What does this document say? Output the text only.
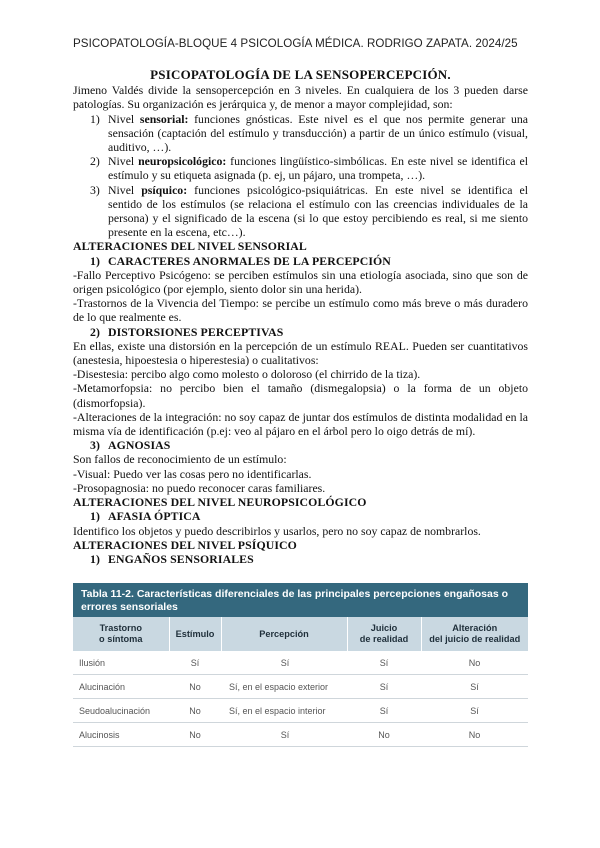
PSICOPATOLOGÍA-BLOQUE 4 PSICOLOGÍA MÉDICA. RODRIGO ZAPATA. 2024/25
PSICOPATOLOGÍA DE LA SENSOPERCEPCIÓN.

Jimeno Valdés divide la sensopercepción en 3 niveles. En cualquiera de los 3 pueden darse patologías. Su organización es jerárquica y, de menor a mayor complejidad, son:

1) Nivel sensorial: funciones gnósticas. Este nivel es el que nos permite generar una sensación (captación del estímulo y transducción) a partir de un único estímulo (visual, auditivo, …).
2) Nivel neuropsicológico: funciones lingüístico-simbólicas. En este nivel se identifica el estímulo y su etiqueta asignada (p. ej, un pájaro, una trompeta, …).
3) Nivel psíquico: funciones psicológico-psiquiátricas. En este nivel se identifica el sentido de los estímulos (se relaciona el estímulo con las creencias individuales de la persona) y el significado de la escena (si lo que estoy percibiendo es real, si me siento presente en la escena, etc…).
ALTERACIONES DEL NIVEL SENSORIAL
1) CARACTERES ANORMALES DE LA PERCEPCIÓN

-Fallo Perceptivo Psicógeno: se perciben estímulos sin una etiología asociada, sino que son de origen psicológico (por ejemplo, siento dolor sin una herida).

-Trastornos de la Vivencia del Tiempo: se percibe un estímulo como más breve o más duradero de lo que realmente es.

2) DISTORSIONES PERCEPTIVAS

En ellas, existe una distorsión en la percepción de un estímulo REAL. Pueden ser cuantitativos (anestesia, hipoestesia o hiperestesia) o cualitativos:

-Disestesia: percibo algo como molesto o doloroso (el chirrido de la tiza).

-Metamorfopsia: no percibo bien el tamaño (dismegalopsia) o la forma de un objeto (dismorfopsia).

-Alteraciones de la integración: no soy capaz de juntar dos estímulos de distinta modalidad en la misma vía de identificación (p.ej: veo al pájaro en el árbol pero lo oigo detrás de mí).

3) AGNOSIAS

Son fallos de reconocimiento de un estímulo:

-Visual: Puedo ver las cosas pero no identificarlas.

-Prosopagnosia: no puedo reconocer caras familiares.

ALTERACIONES DEL NIVEL NEUROPSICOLÓGICO
1) AFASIA ÓPTICA

Identifico los objetos y puedo describirlos y usarlos, pero no soy capaz de nombrarlos.

ALTERACIONES DEL NIVEL PSÍQUICO
1) ENGAÑOS SENSORIALES
Tabla 11-2. Características diferenciales de las principales percepciones engañosas o errores sensoriales
Trastorno
o síntoma	Estímulo	Percepción	Juicio
de realidad	Alteración
del juicio de realidad
Ilusión	Sí	Sí	Sí	No
Alucinación	No	Sí, en el espacio exterior	Sí	Sí
Seudoalucinación	No	Sí, en el espacio interior	Sí	Sí
Alucinosis	No	Sí	No	No
